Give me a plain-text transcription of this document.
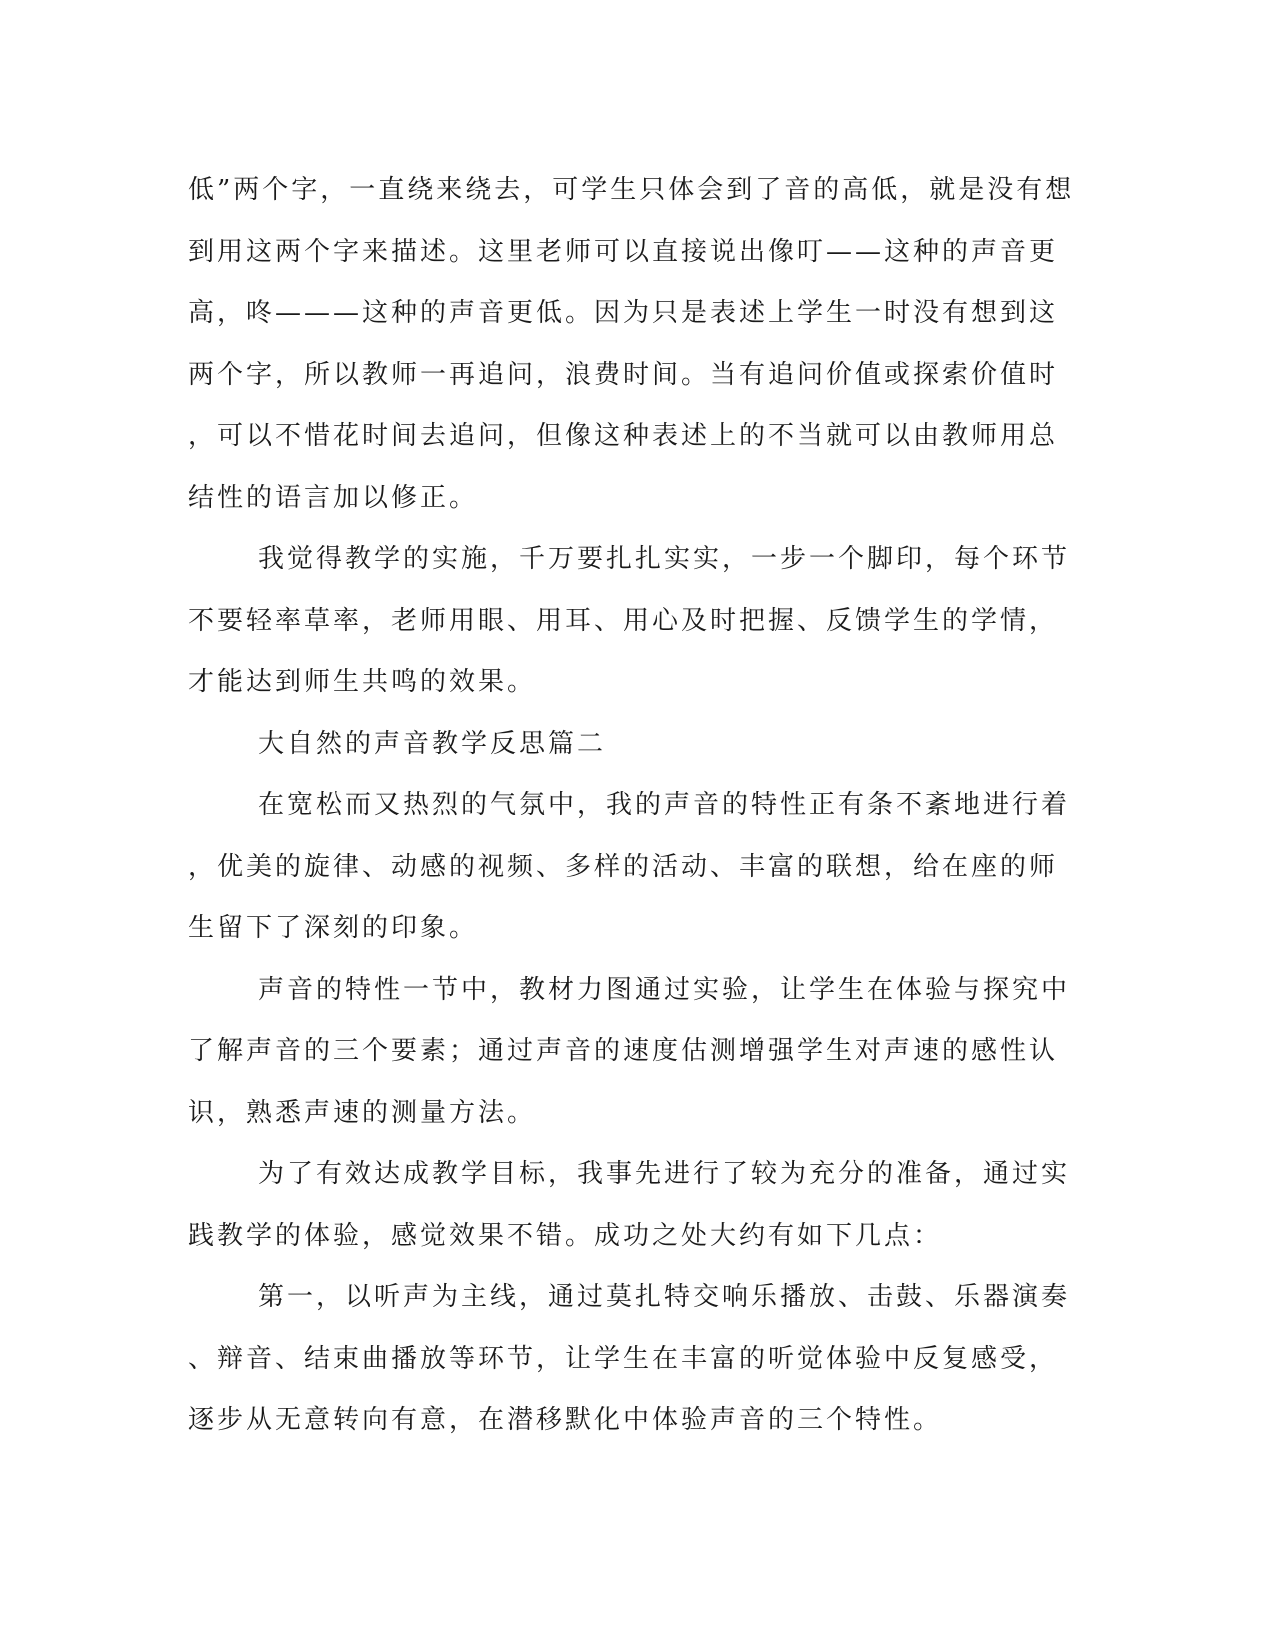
低”两个字，一直绕来绕去，可学生只体会到了音的高低，就是没有想
到用这两个字来描述。这里老师可以直接说出像叮——这种的声音更
高，咚———这种的声音更低。因为只是表述上学生一时没有想到这
两个字，所以教师一再追问，浪费时间。当有追问价值或探索价值时
，可以不惜花时间去追问，但像这种表述上的不当就可以由教师用总
结性的语言加以修正。
我觉得教学的实施，千万要扎扎实实，一步一个脚印，每个环节
不要轻率草率，老师用眼、用耳、用心及时把握、反馈学生的学情，
才能达到师生共鸣的效果。
大自然的声音教学反思篇二
在宽松而又热烈的气氛中，我的声音的特性正有条不紊地进行着
，优美的旋律、动感的视频、多样的活动、丰富的联想，给在座的师
生留下了深刻的印象。
声音的特性一节中，教材力图通过实验，让学生在体验与探究中
了解声音的三个要素；通过声音的速度估测增强学生对声速的感性认
识，熟悉声速的测量方法。
为了有效达成教学目标，我事先进行了较为充分的准备，通过实
践教学的体验，感觉效果不错。成功之处大约有如下几点：
第一，以听声为主线，通过莫扎特交响乐播放、击鼓、乐器演奏
、辩音、结束曲播放等环节，让学生在丰富的听觉体验中反复感受，
逐步从无意转向有意，在潜移默化中体验声音的三个特性。
